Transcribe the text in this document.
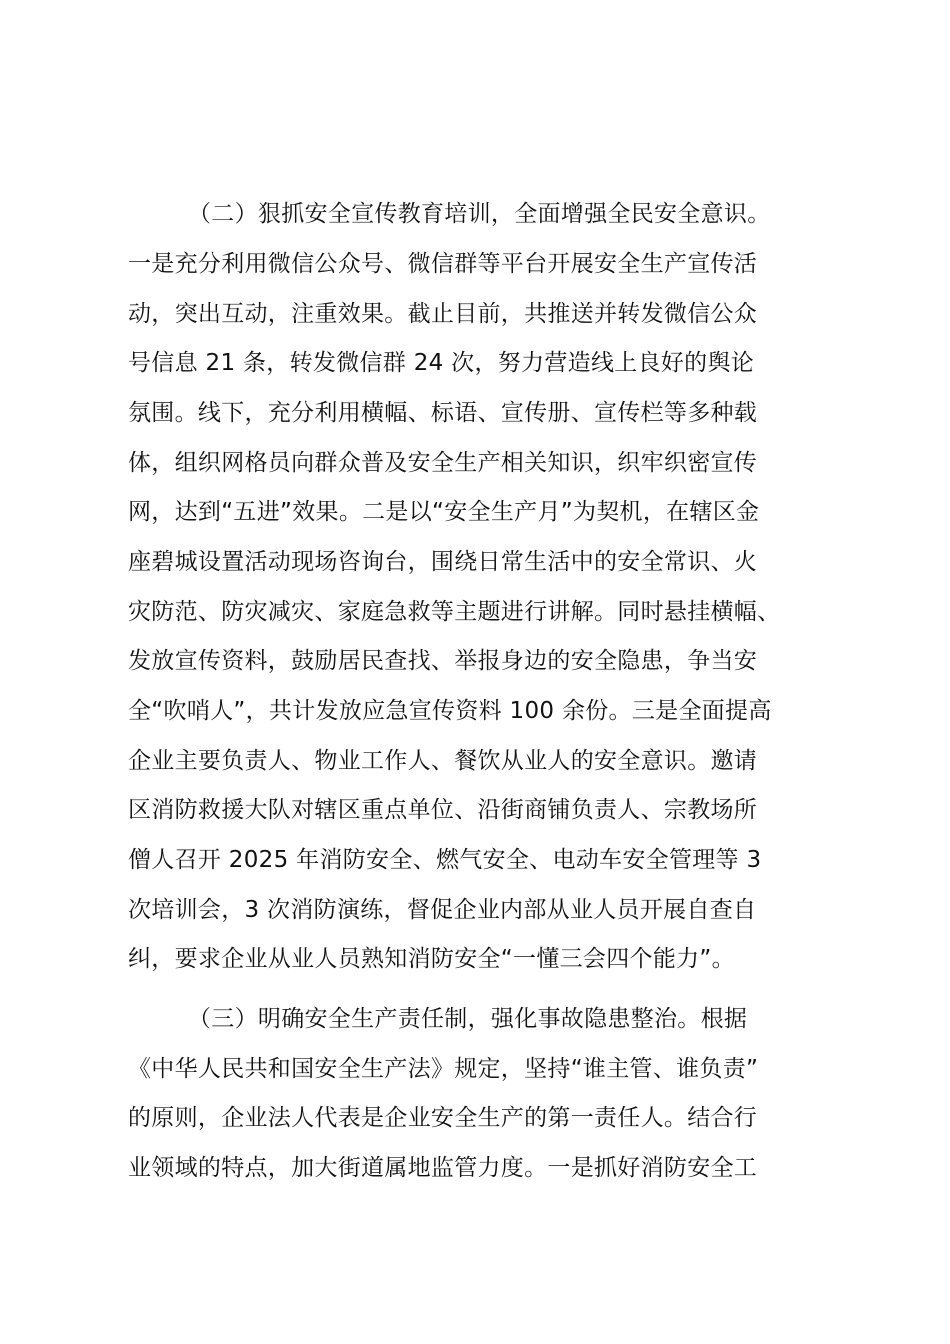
（二）狠抓安全宣传教育培训，全面增强全民安全意识。
一是充分利用微信公众号、微信群等平台开展安全生产宣传活
动，突出互动，注重效果。截止目前，共推送并转发微信公众
号信息 21 条，转发微信群 24 次，努力营造线上良好的舆论
氛围。线下，充分利用横幅、标语、宣传册、宣传栏等多种载
体，组织网格员向群众普及安全生产相关知识，织牢织密宣传
网，达到“五进”效果。二是以“安全生产月”为契机，在辖区金
座碧城设置活动现场咨询台，围绕日常生活中的安全常识、火
灾防范、防灾减灾、家庭急救等主题进行讲解。同时悬挂横幅、
发放宣传资料，鼓励居民查找、举报身边的安全隐患，争当安
全“吹哨人”，共计发放应急宣传资料 100 余份。三是全面提高
企业主要负责人、物业工作人、餐饮从业人的安全意识。邀请
区消防救援大队对辖区重点单位、沿街商铺负责人、宗教场所
僧人召开 2025 年消防安全、燃气安全、电动车安全管理等 3
次培训会，3 次消防演练，督促企业内部从业人员开展自查自
纠，要求企业从业人员熟知消防安全“一懂三会四个能力”。
（三）明确安全生产责任制，强化事故隐患整治。根据
《中华人民共和国安全生产法》规定，坚持“谁主管、谁负责”
的原则，企业法人代表是企业安全生产的第一责任人。结合行
业领域的特点，加大街道属地监管力度。一是抓好消防安全工
